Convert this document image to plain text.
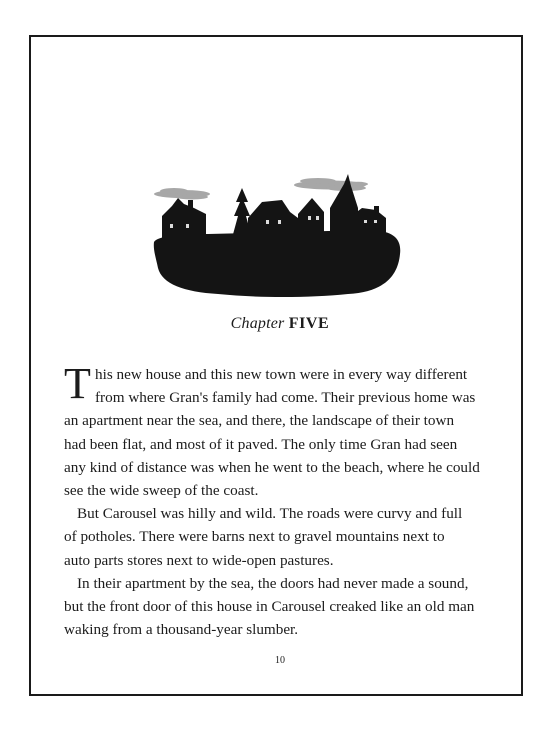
Chapter FIVE
T his new house and this new town were in every way different
from where Gran's family had come. Their previous home was
an apartment near the sea, and there, the landscape of their town
had been flat, and most of it paved. The only time Gran had seen
any kind of distance was when he went to the beach, where he could
see the wide sweep of the coast.
But Carousel was hilly and wild. The roads were curvy and full
of potholes. There were barns next to gravel mountains next to
auto parts stores next to wide-open pastures.
In their apartment by the sea, the doors had never made a sound,
but the front door of this house in Carousel creaked like an old man
waking from a thousand-year slumber.
10
